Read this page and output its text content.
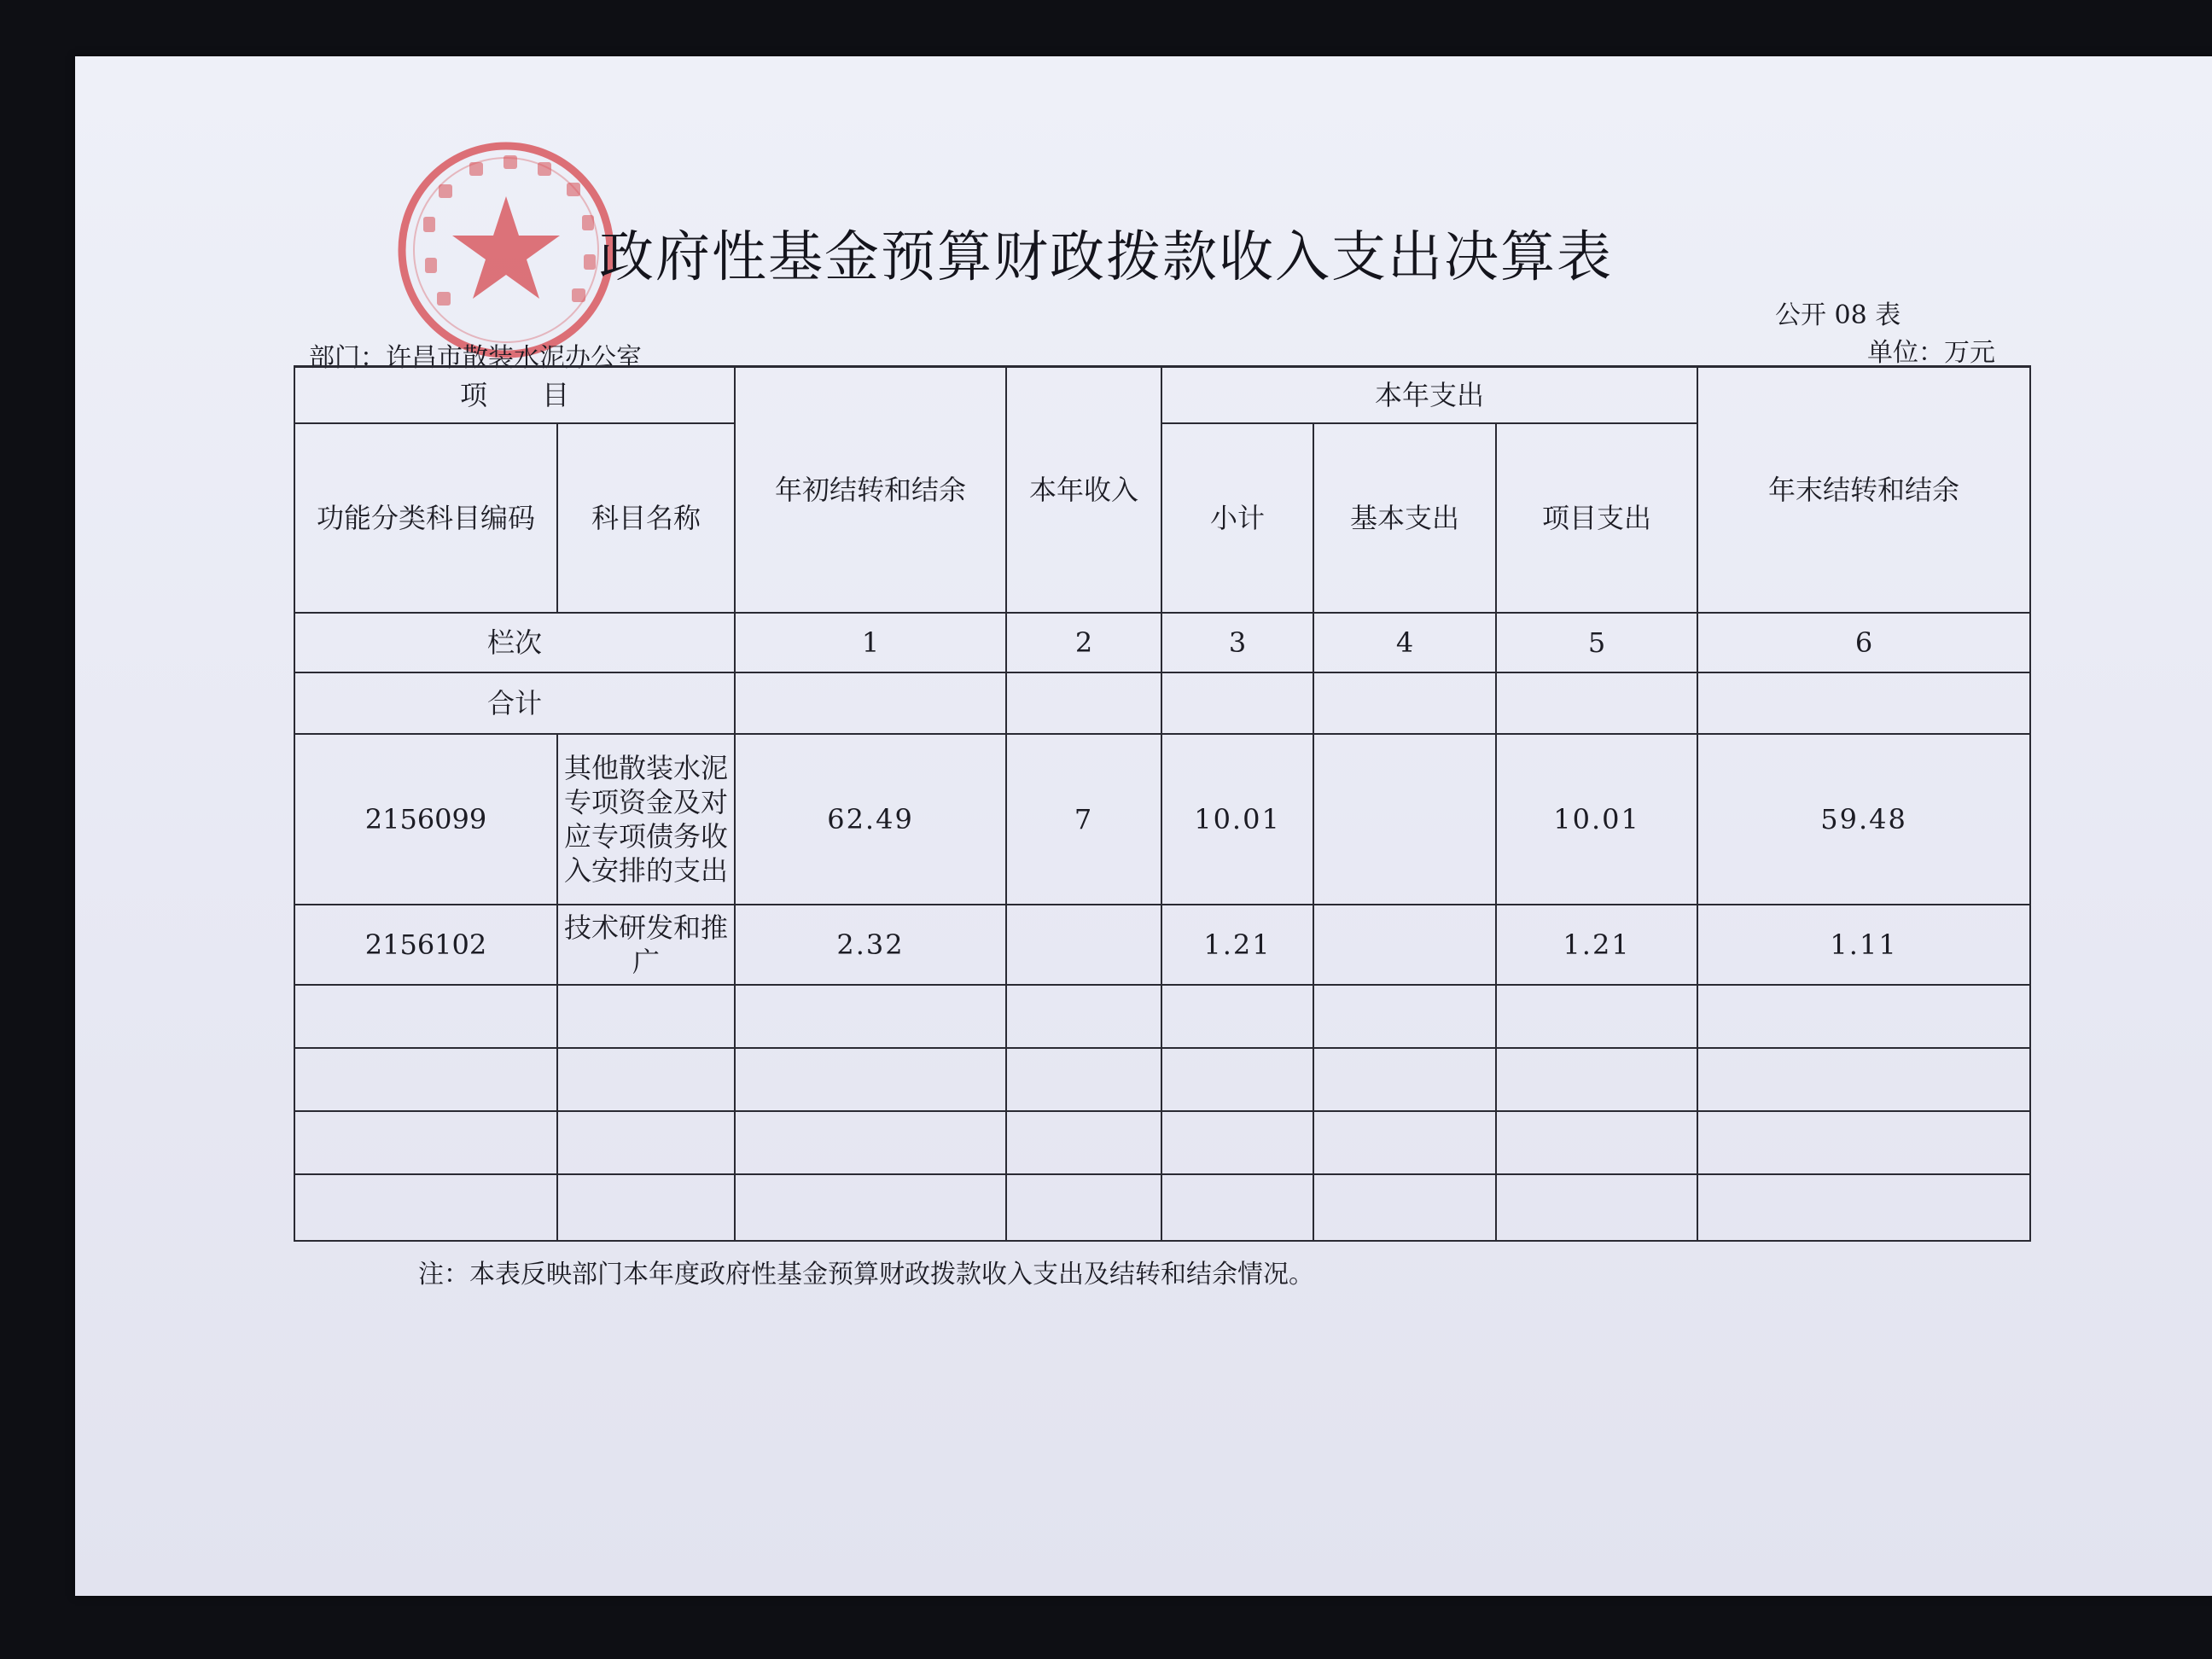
政府性基金预算财政拨款收入支出决算表
公开 08 表
单位：万元
部门：许昌市散装水泥办公室
项　　目		年初结转和结余	本年收入	本年支出			年末结转和结余
功能分类科目编码	科目名称			小计	基本支出	项目支出	
栏次		1	2	3	4	5	6
合计							
2156099	其他散装水泥专项资金及对应专项债务收入安排的支出	62.49	7	10.01		10.01	59.48
2156102	技术研发和推广	2.32		1.21		1.21	1.11

注：本表反映部门本年度政府性基金预算财政拨款收入支出及结转和结余情况。
